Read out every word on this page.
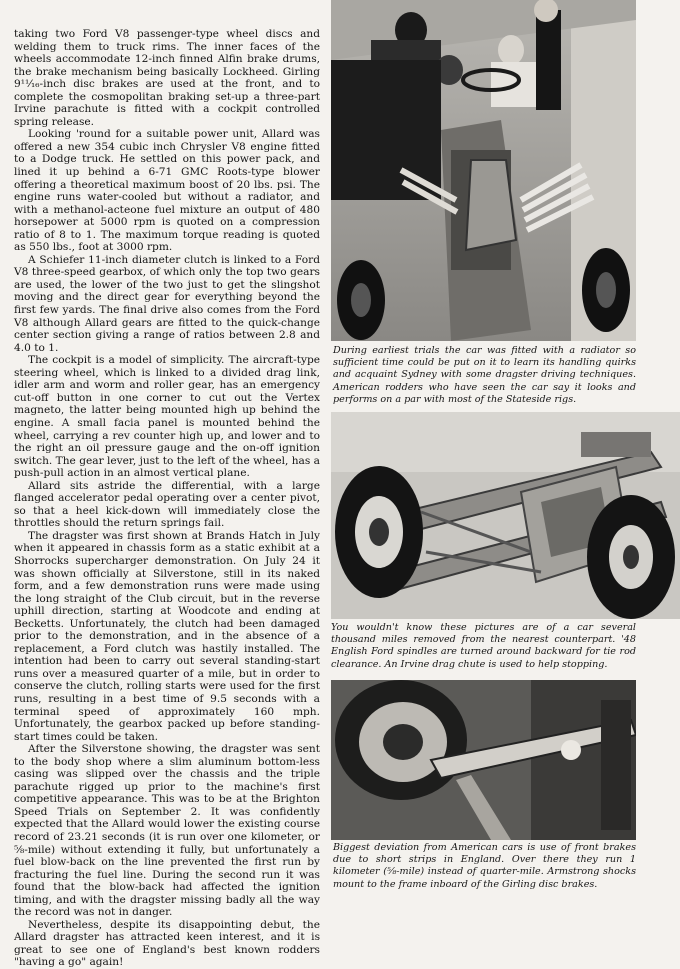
taking two Ford V8 passenger-type wheel discs and welding them to truck rims. The inner faces of the wheels accommodate 12-inch finned Alfin brake drums, the brake mechanism being basically Lockheed. Girling 9¹¹⁄₁₆-inch disc brakes are used at the front, and to complete the cosmopolitan braking set-up a three-part Irvine parachute is fitted with a cockpit controlled spring release.

Looking 'round for a suitable power unit, Allard was offered a new 354 cubic inch Chrysler V8 engine fitted to a Dodge truck. He settled on this power pack, and lined it up behind a 6-71 GMC Roots-type blower offering a theoretical maximum boost of 20 lbs. psi. The engine runs water-cooled but without a radiator, and with a methanol-acteone fuel mixture an output of 480 horsepower at 5000 rpm is quoted on a compression ratio of 8 to 1. The maximum torque reading is quoted as 550 lbs., foot at 3000 rpm.

A Schiefer 11-inch diameter clutch is linked to a Ford V8 three-speed gearbox, of which only the top two gears are used, the lower of the two just to get the slingshot moving and the direct gear for everything beyond the first few yards. The final drive also comes from the Ford V8 although Allard gears are fitted to the quick-change center section giving a range of ratios between 2.8 and 4.0 to 1.

The cockpit is a model of simplicity. The aircraft-type steering wheel, which is linked to a divided drag link, idler arm and worm and roller gear, has an emergency cut-off button in one corner to cut out the Vertex magneto, the latter being mounted high up behind the engine. A small facia panel is mounted behind the wheel, carrying a rev counter high up, and lower and to the right an oil pressure gauge and the on-off ignition switch. The gear lever, just to the left of the wheel, has a push-pull action in an almost vertical plane.

Allard sits astride the differential, with a large flanged accelerator pedal operating over a center pivot, so that a heel kick-down will immediately close the throttles should the return springs fail.

The dragster was first shown at Brands Hatch in July when it appeared in chassis form as a static exhibit at a Shorrocks supercharger demonstration. On July 24 it was shown officially at Silverstone, still in its naked form, and a few demonstration runs were made using the long straight of the Club circuit, but in the reverse uphill direction, starting at Woodcote and ending at Becketts. Unfortunately, the clutch had been damaged prior to the demonstration, and in the absence of a replacement, a Ford clutch was hastily installed. The intention had been to carry out several standing-start runs over a measured quarter of a mile, but in order to conserve the clutch, rolling starts were used for the first runs, resulting in a best time of 9.5 seconds with a terminal speed of approximately 160 mph. Unfortunately, the gearbox packed up before standing-start times could be taken.

After the Silverstone showing, the dragster was sent to the body shop where a slim aluminum bottom-less casing was slipped over the chassis and the triple parachute rigged up prior to the machine's first competitive appearance. This was to be at the Brighton Speed Trials on September 2. It was confidently expected that the Allard would lower the existing course record of 23.21 seconds (it is run over one kilometer, or ⅝-mile) without extending it fully, but unfortunately a fuel blow-back on the line prevented the first run by fracturing the fuel line. During the second run it was found that the blow-back had affected the ignition timing, and with the dragster missing badly all the way the record was not in danger.

Nevertheless, despite its disappointing debut, the Allard dragster has attracted keen interest, and it is great to see one of England's best known rodders "having a go" again!

During earliest trials the car was fitted with a radiator so sufficient time could be put on it to learn its handling quirks and acquaint Sydney with some dragster driving techniques. American rodders who have seen the car say it looks and performs on a par with most of the Stateside rigs.
You wouldn't know these pictures are of a car several thousand miles removed from the nearest counterpart. '48 English Ford spindles are turned around backward for tie rod clearance. An Irvine drag chute is used to help stopping.
Biggest deviation from American cars is use of front brakes due to short strips in England. Over there they run 1 kilometer (⅝-mile) instead of quarter-mile. Armstrong shocks mount to the frame inboard of the Girling disc brakes.
